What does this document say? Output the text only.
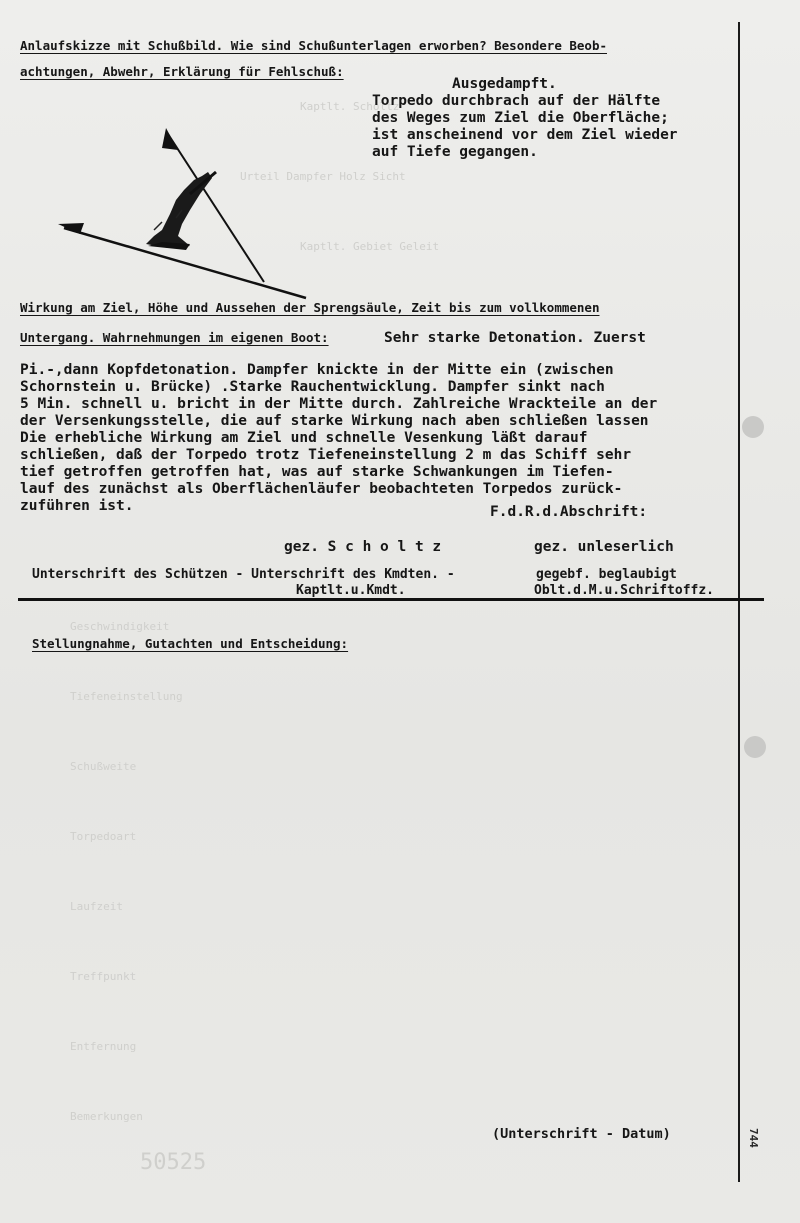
Kaptlt. Scholtz
Urteil Dampfer Holz Sicht
Kaptlt. Gebiet Geleit
Geschwindigkeit
Tiefeneinstellung
Schußweite
Torpedoart
Laufzeit
Treffpunkt
Entfernung
Bemerkungen
50525
Anlaufskizze mit Schußbild. Wie sind Schußunterlagen erworben? Besondere Beob-
achtungen, Abwehr, Erklärung für Fehlschuß:
Ausgedampft.
Torpedo durchbrach auf der Hälfte
des Weges zum Ziel die Oberfläche;
ist anscheinend vor dem Ziel wieder
auf Tiefe gegangen.
Wirkung am Ziel, Höhe und Aussehen der Sprengsäule, Zeit bis zum vollkommenen
Untergang. Wahrnehmungen im eigenen Boot:	Sehr starke Detonation. Zuerst
Pi.-,dann Kopfdetonation. Dampfer knickte in der Mitte ein (zwischen
Schornstein u. Brücke) .Starke Rauchentwicklung. Dampfer sinkt nach
5 Min. schnell u. bricht in der Mitte durch. Zahlreiche Wrackteile an der
der Versenkungsstelle, die auf starke Wirkung nach aben schließen lassen
Die erhebliche Wirkung am Ziel und schnelle Vesenkung läßt darauf
schließen, daß der Torpedo trotz Tiefeneinstellung 2 m das Schiff sehr
tief getroffen getroffen hat, was auf starke Schwankungen im Tiefen-
lauf des zunächst als Oberflächenläufer beobachteten Torpedos zurück-
zuführen ist.	F.d.R.d.Abschrift:
gez. S c h o l t z	gez. unleserlich
Unterschrift des Schützen - Unterschrift des Kmdten. -	gegebf. beglaubigt
Kaptlt.u.Kmdt.	Oblt.d.M.u.Schriftoffz.
Stellungnahme, Gutachten und Entscheidung:
(Unterschrift - Datum)	744
